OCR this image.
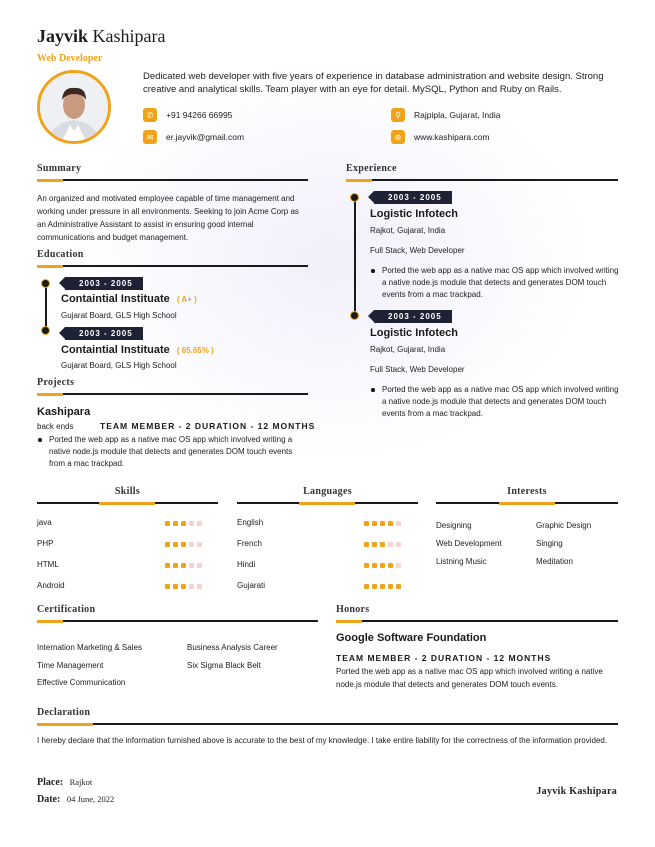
Jayvik Kashipara
Web Developer
Dedicated web developer with five years of experience in database administration and website design. Strong creative and analytical skills. Team player with an eye for detail. MySQL, Python and Ruby on Rails.
✆	+91 94266 66995
✉	er.jayvik@gmail.com
⚲	Rajpipla, Gujarat, India
⊕	www.kashipara.com
Summary
An organized and motivated employee capable of time management and working under pressure in all environments. Seeking to join Acme Corp as an Administrative Assistant to assist in ensuring good internal communications and budget management.
Education
2003 - 2005
Containtial Instituate ( A+ )
Gujarat Board, GLS High School
2003 - 2005
Containtial Instituate ( 65.65% )
Gujarat Board, GLS High School
Projects
Kashipara
back ends	TEAM MEMBER - 2 DURATION - 12 MONTHS
Ported the web app as a native mac OS app which involved writing a native node.js module that detects and generates DOM touch events from a mac trackpad.
Experience
2003 - 2005
Logistic Infotech
Rajkot, Gujarat, India
Full Stack, Web Developer
Ported the web app as a native mac OS app which involved writing a native node.js module that detects and generates DOM touch events from a mac trackpad.
2003 - 2005
Logistic Infotech
Rajkot, Gujarat, India
Full Stack, Web Developer
Ported the web app as a native mac OS app which involved writing a native node.js module that detects and generates DOM touch events from a mac trackpad.
Skills	Languages	Interests
java
PHP
HTML
Android
English
French
Hindi
Gujarati
Designing	Graphic Design
Web Development	Singing
Listning Music	Meditation
Certification
Internation Marketing & Sales	Business Analysis Career
Time Management	Six Sigma Black Belt
Effective Communication
Honors
Google Software Foundation
TEAM MEMBER - 2 DURATION - 12 MONTHS
Ported the web app as a native mac OS app which involved writing a native node.js module that detects and generates DOM touch events.
Declaration
I hereby declare that the information furnished above is accurate to the best of my knowledge. I take entire liability for the correctness of the information provided.
Place: Rajkot
Date: 04 June, 2022
Jayvik Kashipara
